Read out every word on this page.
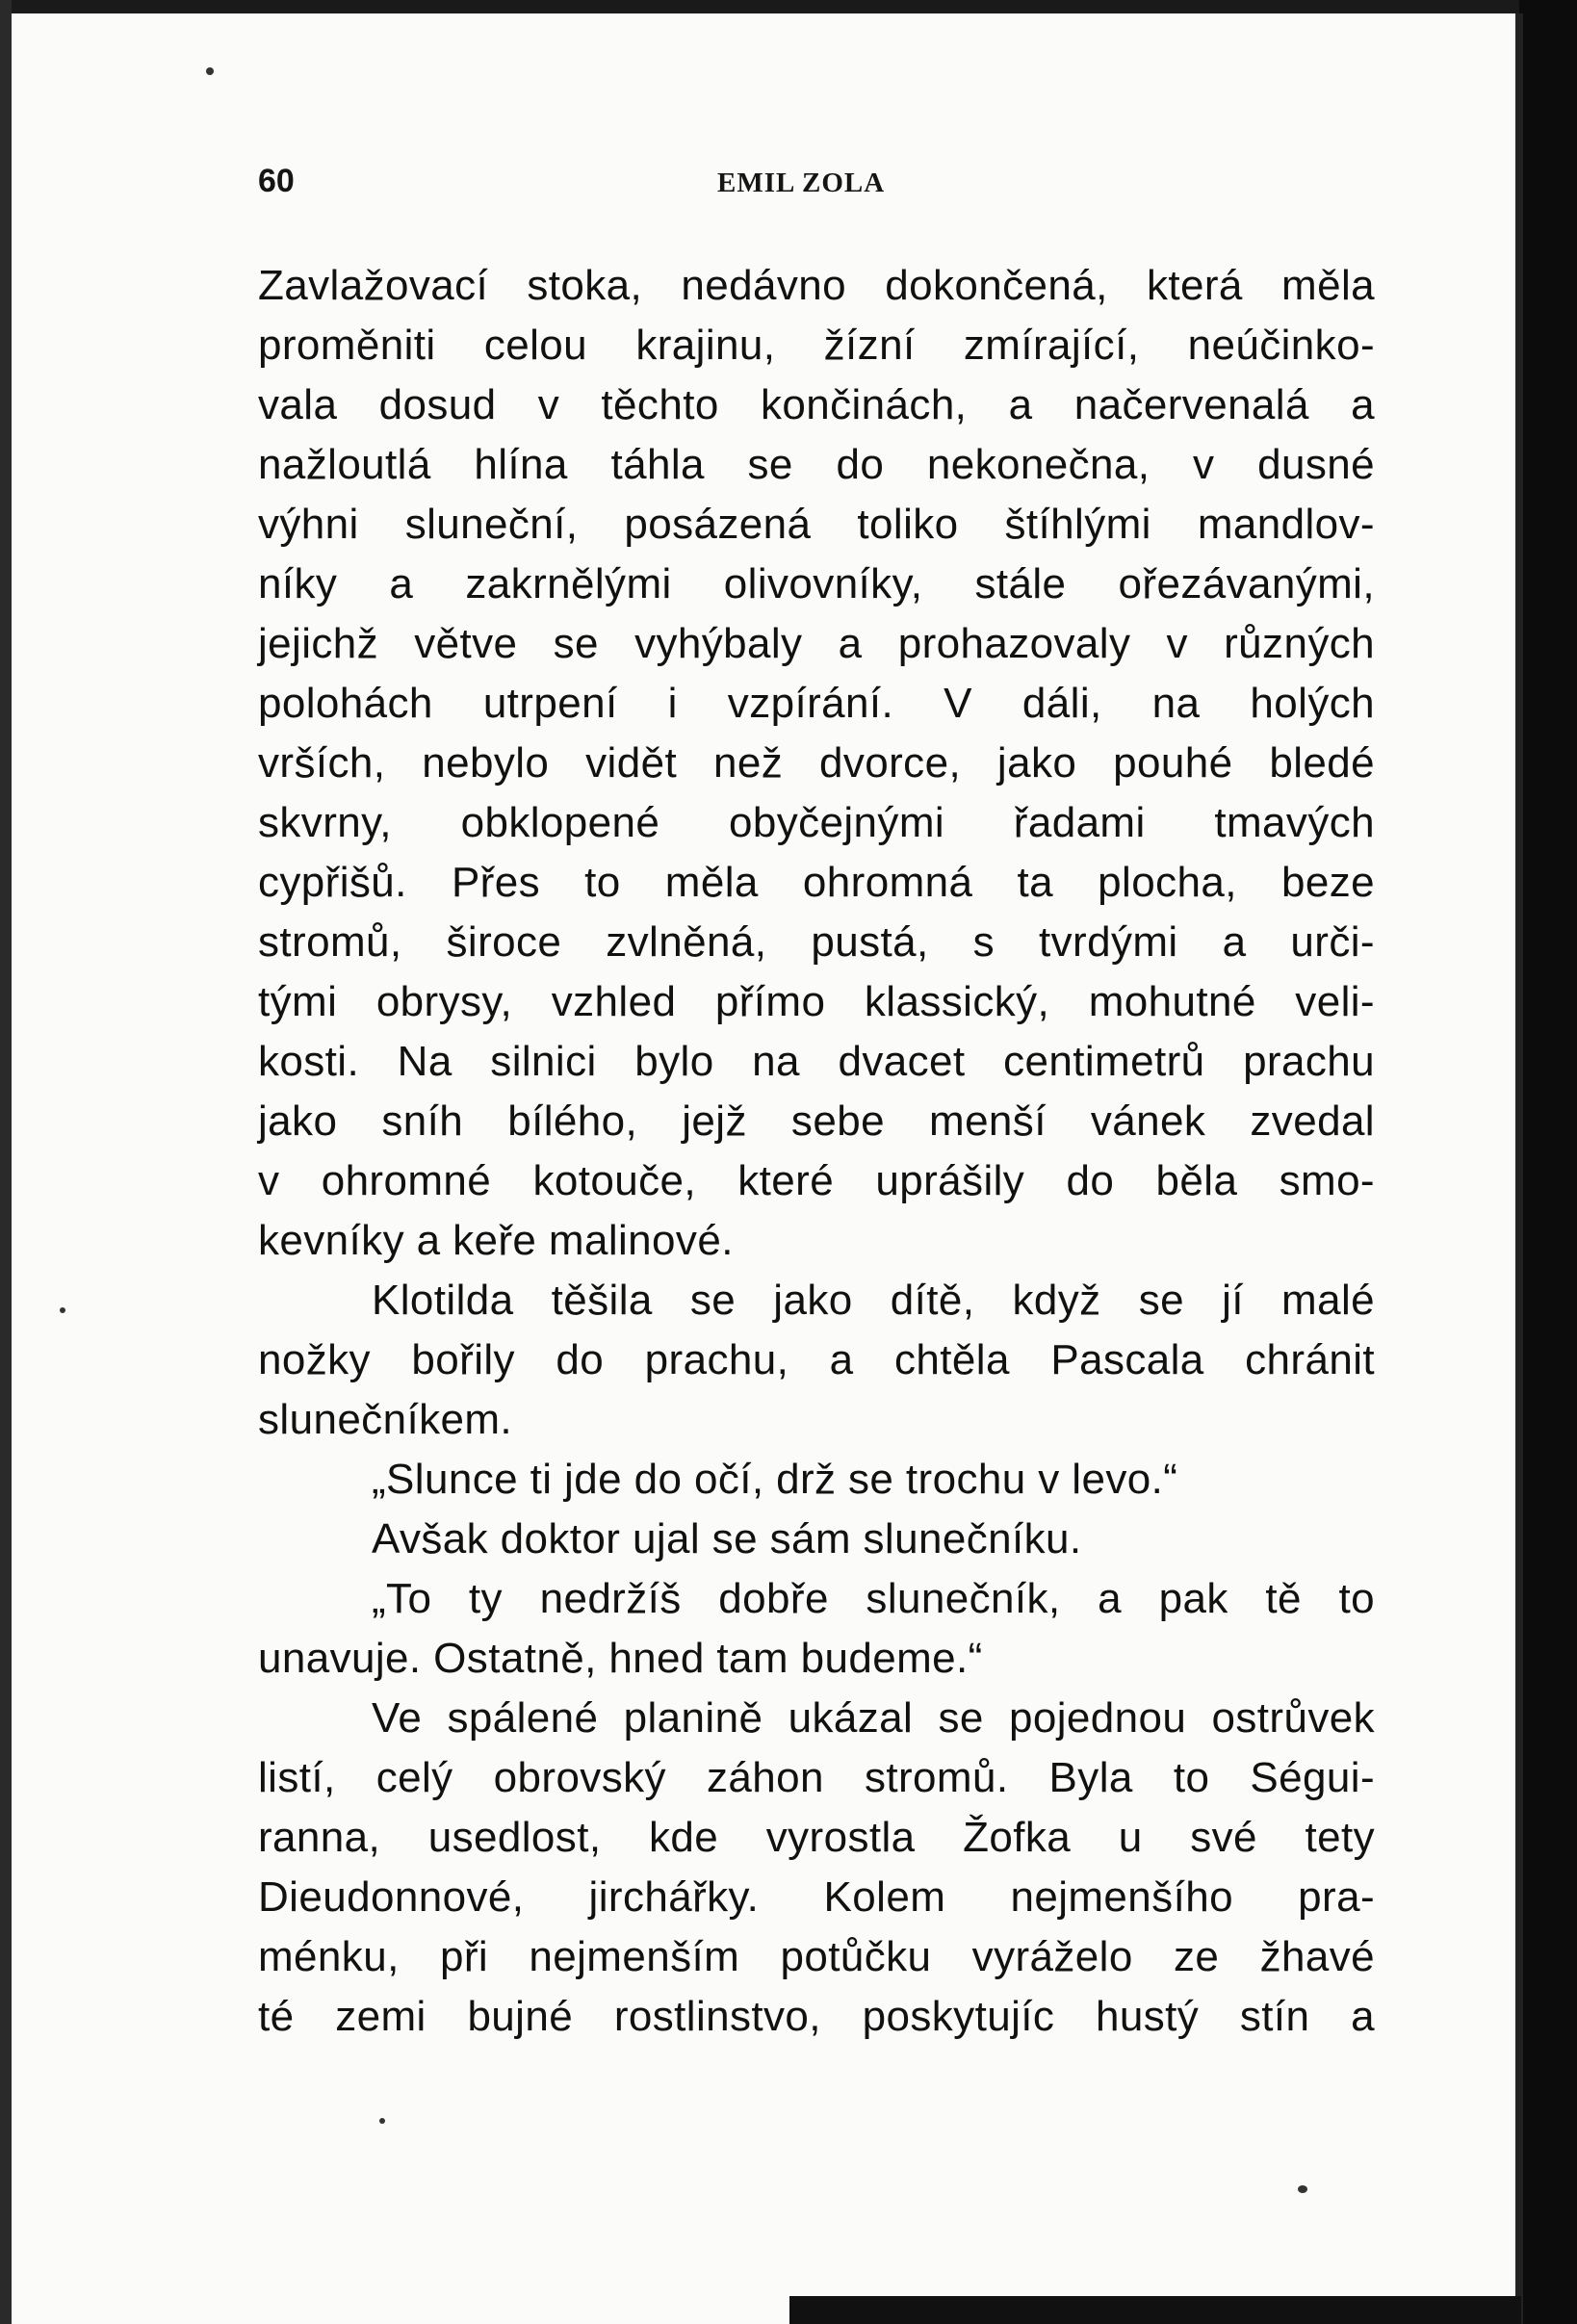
60	EMIL ZOLA
Zavlažovací stoka, nedávno dokončená, která měla
proměniti celou krajinu, žízní zmírající, neúčinko-
vala dosud v těchto končinách, a načervenalá a
nažloutlá hlína táhla se do nekonečna, v dusné
výhni sluneční, posázená toliko štíhlými mandlov-
níky a zakrnělými olivovníky, stále ořezávanými,
jejichž větve se vyhýbaly a prohazovaly v různých
polohách utrpení i vzpírání. V dáli, na holých
vrších, nebylo vidět než dvorce, jako pouhé bledé
skvrny, obklopené obyčejnými řadami tmavých
cypřišů. Přes to měla ohromná ta plocha, beze
stromů, široce zvlněná, pustá, s tvrdými a urči-
tými obrysy, vzhled přímo klassický, mohutné veli-
kosti. Na silnici bylo na dvacet centimetrů prachu
jako sníh bílého, jejž sebe menší vánek zvedal
v ohromné kotouče, které uprášily do běla smo-
kevníky a keře malinové.
Klotilda těšila se jako dítě, když se jí malé
nožky bořily do prachu, a chtěla Pascala chránit
slunečníkem.
„Slunce ti jde do očí, drž se trochu v levo.“
Avšak doktor ujal se sám slunečníku.
„To ty nedržíš dobře slunečník, a pak tě to
unavuje. Ostatně, hned tam budeme.“
Ve spálené planině ukázal se pojednou ostrůvek
listí, celý obrovský záhon stromů. Byla to Ségui-
ranna, usedlost, kde vyrostla Žofka u své tety
Dieudonnové, jirchářky. Kolem nejmenšího pra-
ménku, při nejmenším potůčku vyráželo ze žhavé
té zemi bujné rostlinstvo, poskytujíc hustý stín a
